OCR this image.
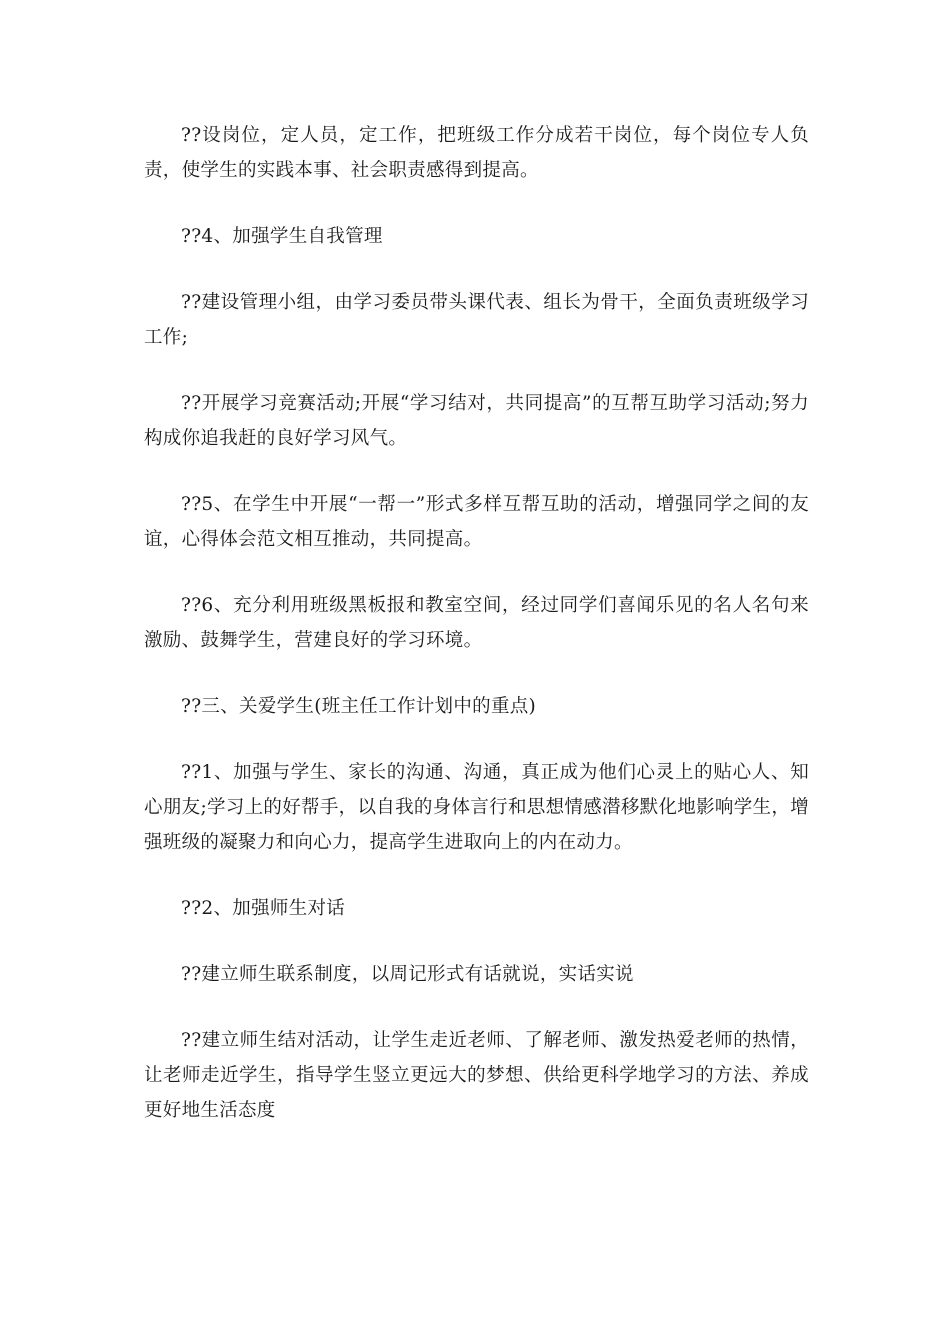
??设岗位，定人员，定工作，把班级工作分成若干岗位，每个岗位专人负责，使学生的实践本事、社会职责感得到提高。

??4、加强学生自我管理

??建设管理小组，由学习委员带头课代表、组长为骨干，全面负责班级学习工作;

??开展学习竞赛活动;开展“学习结对，共同提高”的互帮互助学习活动;努力构成你追我赶的良好学习风气。

??5、在学生中开展“一帮一”形式多样互帮互助的活动，增强同学之间的友谊，心得体会范文相互推动，共同提高。

??6、充分利用班级黑板报和教室空间，经过同学们喜闻乐见的名人名句来激励、鼓舞学生，营建良好的学习环境。

??三、关爱学生(班主任工作计划中的重点)

??1、加强与学生、家长的沟通、沟通，真正成为他们心灵上的贴心人、知心朋友;学习上的好帮手，以自我的身体言行和思想情感潜移默化地影响学生，增强班级的凝聚力和向心力，提高学生进取向上的内在动力。

??2、加强师生对话

??建立师生联系制度，以周记形式有话就说，实话实说

??建立师生结对活动，让学生走近老师、了解老师、激发热爱老师的热情，让老师走近学生，指导学生竖立更远大的梦想、供给更科学地学习的方法、养成更好地生活态度
